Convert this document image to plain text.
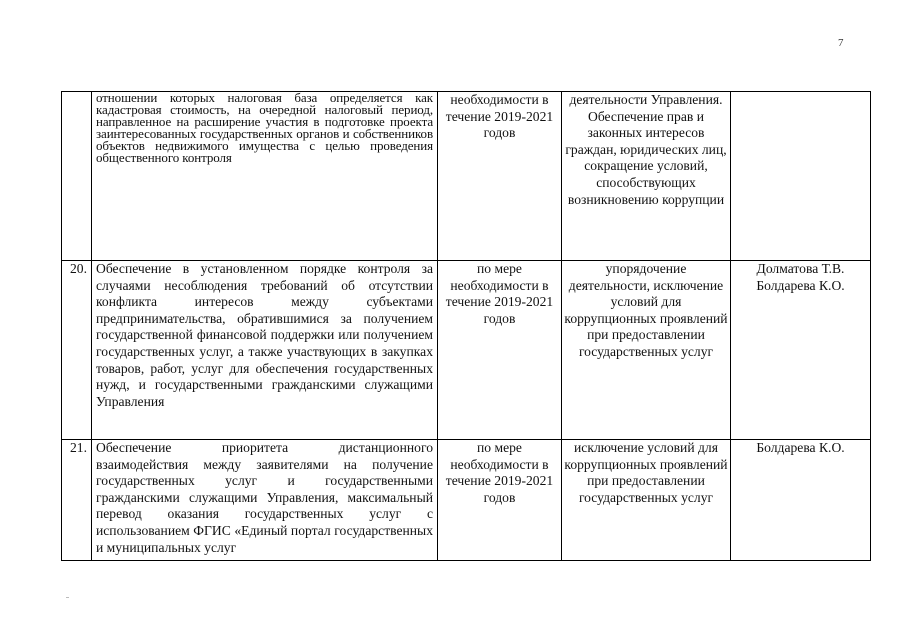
7

	отношении которых налоговая база определяется как кадастровая стоимость, на очередной налоговый период, направленное на расширение участия в подготовке проекта заинтересованных государственных органов и собственников объектов недвижимого имущества с целью проведения общественного контроля	необходимости в течение 2019-2021 годов	деятельности Управления. Обеспечение прав и законных интересов граждан, юридических лиц, сокращение условий, способствующих возникновению коррупции	

20.	Обеспечение в установленном порядке контроля за случаями несоблюдения требований об отсутствии конфликта интересов между субъектами предпринимательства, обратившимися за получением государственной финансовой поддержки или получением государственных услуг, а также участвующих в закупках товаров, работ, услуг для обеспечения государственных нужд, и государственными гражданскими служащими Управления	по мере необходимости в течение 2019-2021 годов	упорядочение деятельности, исключение условий для коррупционных проявлений при предоставлении государственных услуг	Долматова Т.В. Болдарева К.О.

21.	Обеспечение приоритета дистанционного взаимодействия между заявителями на получение государственных услуг и государственными гражданскими служащими Управления, максимальный перевод оказания государственных услуг с использованием ФГИС «Единый портал государственных и муниципальных услуг	по мере необходимости в течение 2019-2021 годов	исключение условий для коррупционных проявлений при предоставлении государственных услуг	Болдарева К.О.
